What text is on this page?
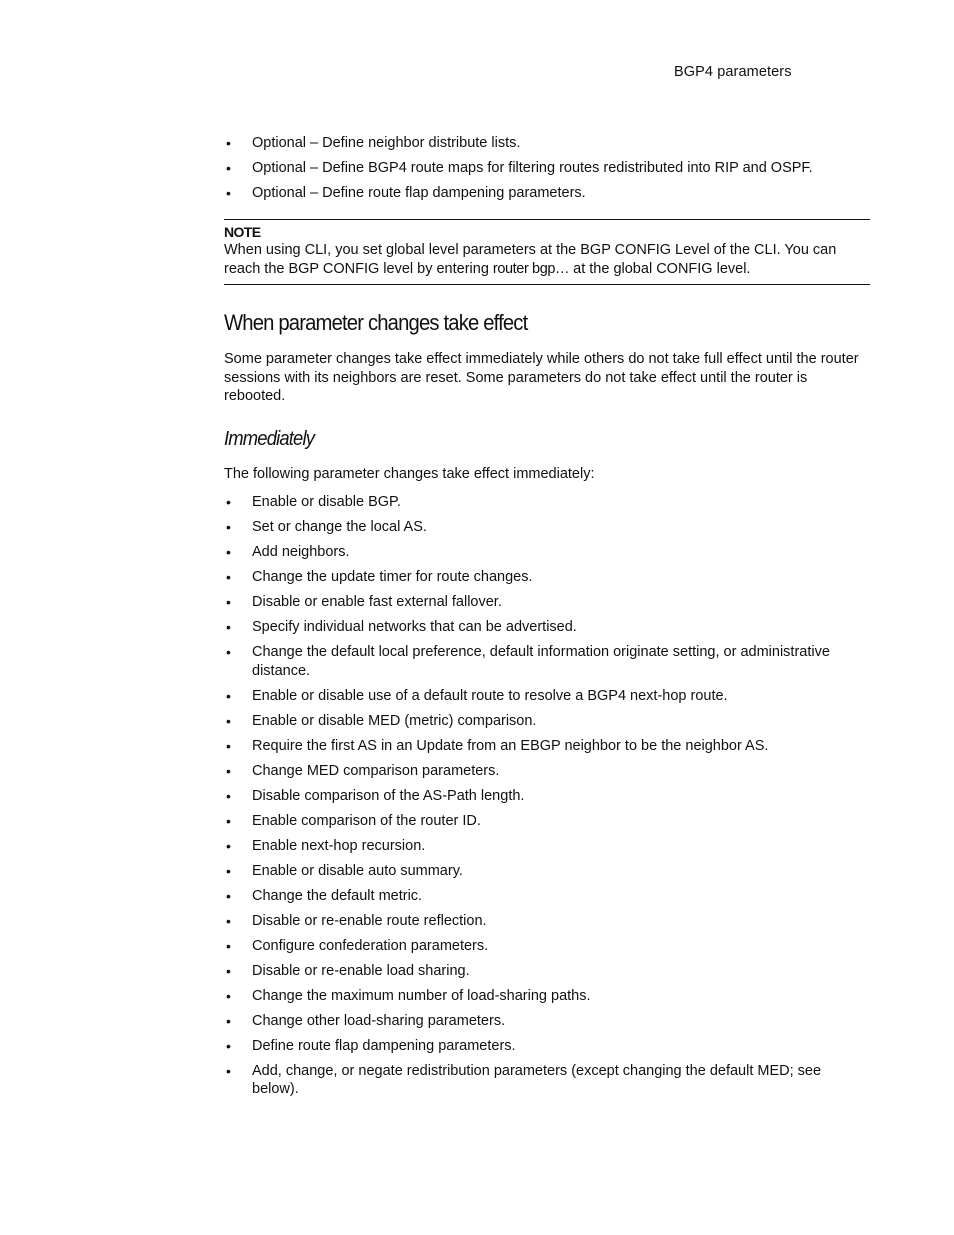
BGP4 parameters
• Optional – Define neighbor distribute lists.
• Optional – Define BGP4 route maps for filtering routes redistributed into RIP and OSPF.
• Optional – Define route flap dampening parameters.
NOTE
When using CLI, you set global level parameters at the BGP CONFIG Level of the CLI. You can reach the BGP CONFIG level by entering router bgp… at the global CONFIG level.
When parameter changes take effect
Some parameter changes take effect immediately while others do not take full effect until the router sessions with its neighbors are reset. Some parameters do not take effect until the router is rebooted.
Immediately
The following parameter changes take effect immediately:
• Enable or disable BGP.
• Set or change the local AS.
• Add neighbors.
• Change the update timer for route changes.
• Disable or enable fast external fallover.
• Specify individual networks that can be advertised.
• Change the default local preference, default information originate setting, or administrative distance.
• Enable or disable use of a default route to resolve a BGP4 next-hop route.
• Enable or disable MED (metric) comparison.
• Require the first AS in an Update from an EBGP neighbor to be the neighbor AS.
• Change MED comparison parameters.
• Disable comparison of the AS-Path length.
• Enable comparison of the router ID.
• Enable next-hop recursion.
• Enable or disable auto summary.
• Change the default metric.
• Disable or re-enable route reflection.
• Configure confederation parameters.
• Disable or re-enable load sharing.
• Change the maximum number of load-sharing paths.
• Change other load-sharing parameters.
• Define route flap dampening parameters.
• Add, change, or negate redistribution parameters (except changing the default MED; see below).
